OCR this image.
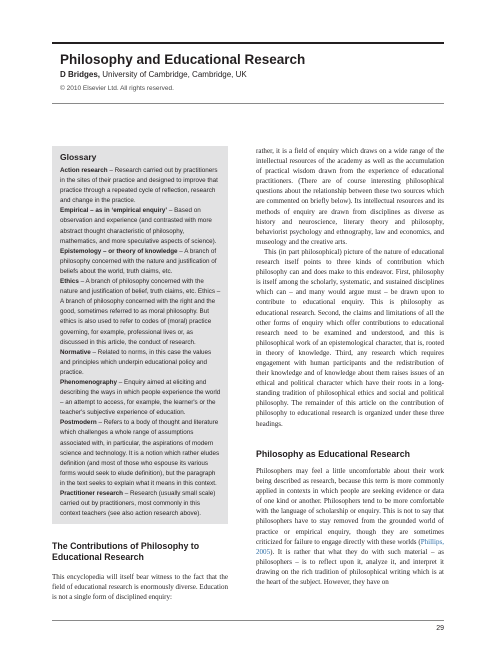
Philosophy and Educational Research
D Bridges, University of Cambridge, Cambridge, UK
© 2010 Elsevier Ltd. All rights reserved.
Glossary

Action research – Research carried out by practitioners in the sites of their practice and designed to improve that practice through a repeated cycle of reflection, research and change in the practice.

Empirical – as in ‘empirical enquiry’ – Based on observation and experience (and contrasted with more abstract thought characteristic of philosophy, mathematics, and more speculative aspects of science).

Epistemology – or theory of knowledge – A branch of philosophy concerned with the nature and justification of beliefs about the world, truth claims, etc.

Ethics – A branch of philosophy concerned with the nature and justification of belief, truth claims, etc. Ethics – A branch of philosophy concerned with the right and the good, sometimes referred to as moral philosophy. But ethics is also used to refer to codes of (moral) practice governing, for example, professional lives or, as discussed in this article, the conduct of research.

Normative – Related to norms, in this case the values and principles which underpin educational policy and practice.

Phenomenography – Enquiry aimed at eliciting and describing the ways in which people experience the world – an attempt to access, for example, the learner's or the teacher's subjective experience of education.

Postmodern – Refers to a body of thought and literature which challenges a whole range of assumptions associated with, in particular, the aspirations of modern science and technology. It is a notion which rather eludes definition (and most of those who espouse its various forms would seek to elude definition), but the paragraph in the text seeks to explain what it means in this context.

Practitioner research – Research (usually small scale) carried out by practitioners, most commonly in this context teachers (see also action research above).

The Contributions of Philosophy to
Educational Research

This encyclopedia will itself bear witness to the fact that the field of educational research is enormously diverse. Education is not a single form of disciplined enquiry:

rather, it is a field of enquiry which draws on a wide range of the intellectual resources of the academy as well as the accumulation of practical wisdom drawn from the experience of educational practitioners. (There are of course interesting philosophical questions about the relationship between these two sources which are commented on briefly below). Its intellectual resources and its methods of enquiry are drawn from disciplines as diverse as history and neuroscience, literary theory and philosophy, behaviorist psychology and ethnography, law and economics, and museology and the creative arts.

This (in part philosophical) picture of the nature of educational research itself points to three kinds of contribution which philosophy can and does make to this endeavor. First, philosophy is itself among the scholarly, systematic, and sustained disciplines which can – and many would argue must – be drawn upon to contribute to educational enquiry. This is philosophy as educational research. Second, the claims and limitations of all the other forms of enquiry which offer contributions to educational research need to be examined and understood, and this is philosophical work of an epistemological character, that is, rooted in theory of knowledge. Third, any research which requires engagement with human participants and the redistribution of their knowledge and of knowledge about them raises issues of an ethical and political character which have their roots in a long-standing tradition of philosophical ethics and social and political philosophy. The remainder of this article on the contribution of philosophy to educational research is organized under these three headings.

Philosophy as Educational Research

Philosophers may feel a little uncomfortable about their work being described as research, because this term is more commonly applied in contexts in which people are seeking evidence or data of one kind or another. Philosophers tend to be more comfortable with the language of scholarship or enquiry. This is not to say that philosophers have to stay removed from the grounded world of practice or empirical enquiry, though they are sometimes criticized for failure to engage directly with these worlds (Phillips, 2005). It is rather that what they do with such material – as philosophers – is to reflect upon it, analyze it, and interpret it drawing on the rich tradition of philosophical writing which is at the heart of the subject. However, they have on

29
